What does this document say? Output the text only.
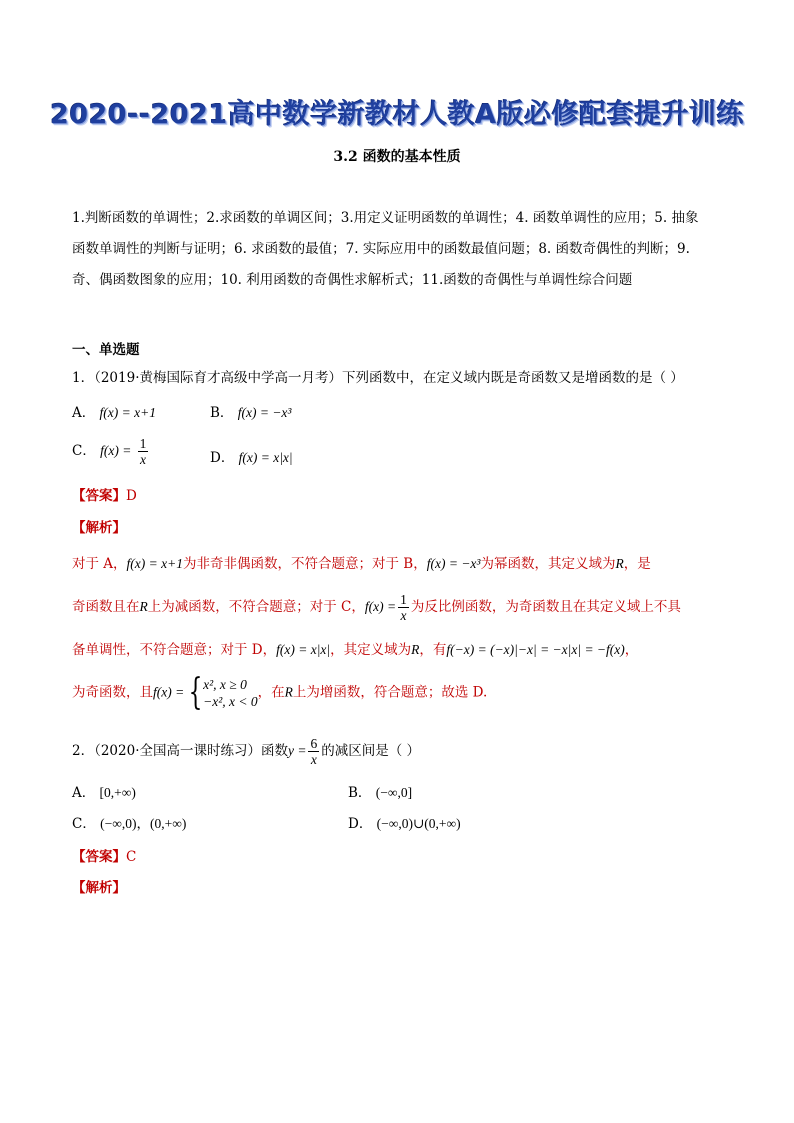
2020--2021高中数学新教材人教A版必修配套提升训练
3.2 函数的基本性质

1.判断函数的单调性；2.求函数的单调区间；3.用定义证明函数的单调性；4. 函数单调性的应用；5. 抽象

函数单调性的判断与证明；6. 求函数的最值；7. 实际应用中的函数最值问题；8. 函数奇偶性的判断；9.

奇、偶函数图象的应用；10. 利用函数的奇偶性求解析式；11.函数的奇偶性与单调性综合问题

一、单选题
1．（2019·黄梅国际育才高级中学高一月考）下列函数中，在定义域内既是奇函数又是增函数的是（ ）
A． f(x) = x+1	B． f(x) = −x³
C． $f(x) = \frac{1}{x}$	D． f(x) = x|x|
【答案】D
【解析】
对于 A，f(x) = x+1为非奇非偶函数，不符合题意；对于 B，f(x) = −x³为幂函数，其定义域为R，是
奇函数且在R上为减函数，不符合题意；对于 C，$f(x) = \frac{1}{x}$ 为反比例函数，为奇函数且在其定义域上不具
备单调性，不符合题意；对于 D，f(x) = x|x|，其定义域为R，有f(−x) = (−x)|−x| = −x|x| = −f(x)，
为奇函数，且f(x) = { x², x ≥ 0
−x², x < 0
，在R上为增函数，符合题意；故选 D.
2．（2020·全国高一课时练习）函数$y = \frac{6}{x}$ 的减区间是（ ）
A． [0,+∞)	B． (−∞,0]
C． (−∞,0)，(0,+∞)	D． (−∞,0)∪(0,+∞)
【答案】C
【解析】
